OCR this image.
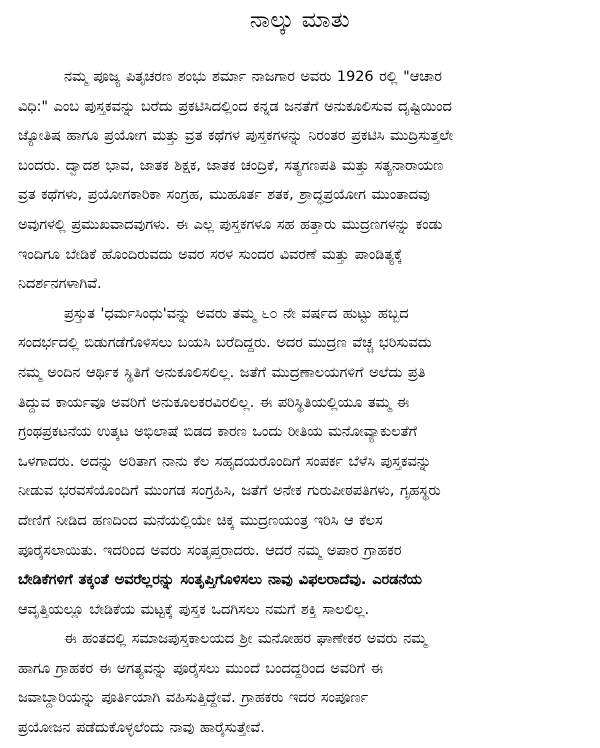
ನಾಲ್ಕು ಮಾತು
ನಮ್ಮ ಪೂಜ್ಯ ಪಿತೃಚರಣ ಶಂಭು ಶರ್ಮಾ ನಾಜಗಾರ ಅವರು 1926 ರಲ್ಲಿ "ಆಚಾರ
ವಿಧಿ:" ಎಂಬ ಪುಸ್ತಕವನ್ನು ಬರೆದು ಪ್ರಕಟಿಸಿದಲ್ಲಿಂದ ಕನ್ನಡ ಜನತೆಗೆ ಅನುಕೂಲಿಸುವ ದೃಷ್ಟಿಯಿಂದ
ಜ್ಯೋತಿಷ ಹಾಗೂ ಪ್ರಯೋಗ ಮತ್ತು ವ್ರತ ಕಥೆಗಳ ಪುಸ್ತಕಗಳನ್ನು ನಿರಂತರ ಪ್ರಕಟಿಸಿ ಮುದ್ರಿಸುತ್ತಲೇ
ಬಂದರು. ದ್ವಾದಶ ಭಾವ, ಜಾತಕ ಶಿಕ್ಷಕ, ಜಾತಕ ಚಂದ್ರಿಕೆ, ಸತ್ಯಗಣಪತಿ ಮತ್ತು ಸತ್ಯನಾರಾಯಣ
ವ್ರತ ಕಥೆಗಳು, ಪ್ರಯೋಗಕಾರಿಕಾ ಸಂಗ್ರಹ, ಮುಹೂರ್ತ ಶತಕ, ಶ್ರಾದ್ಧಪ್ರಯೋಗ ಮುಂತಾದವು
ಅವುಗಳಲ್ಲಿ ಪ್ರಮುಖವಾದವುಗಳು. ಈ ಎಲ್ಲ ಪುಸ್ತಕಗಳೂ ಸಹ ಹತ್ತಾರು ಮುದ್ರಣಗಳನ್ನು ಕಂಡು
ಇಂದಿಗೂ ಬೇಡಿಕೆ ಹೊಂದಿರುವದು ಅವರ ಸರಳ ಸುಂದರ ವಿವರಣೆ ಮತ್ತು ಪಾಂಡಿತ್ಯಕ್ಕೆ
ನಿದರ್ಶನಗಳಾಗಿವೆ.
ಪ್ರಸ್ತುತ 'ಧರ್ಮಸಿಂಧು'ವನ್ನು ಅವರು ತಮ್ಮ ೬೦ ನೇ ವರ್ಷದ ಹುಟ್ಟು ಹಬ್ಬದ
ಸಂದರ್ಭದಲ್ಲಿ ಬಿಡುಗಡೆಗೊಳಿಸಲು ಬಯಸಿ ಬರೆದಿದ್ದರು. ಅದರ ಮುದ್ರಣ ವೆಚ್ಚ ಭರಿಸುವದು
ನಮ್ಮ ಅಂದಿನ ಆರ್ಥಿಕ ಸ್ಥಿತಿಗೆ ಅನುಕೂಲಿಸಲಿಲ್ಲ. ಜತೆಗೆ ಮುದ್ರಣಾಲಯಗಳಿಗೆ ಅಲೆದು ಪ್ರತಿ
ತಿದ್ದುವ ಕಾರ್ಯವೂ ಅವರಿಗೆ ಅನುಕೂಲಕರವಿರಲಿಲ್ಲ. ಈ ಪರಿಸ್ಥಿತಿಯಲ್ಲಿಯೂ ತಮ್ಮ ಈ
ಗ್ರಂಥಪ್ರಕಟನೆಯ ಉತ್ಕಟ ಅಭಿಲಾಷೆ ಬಿಡದ ಕಾರಣ ಒಂದು ರೀತಿಯ ಮನೋವ್ಯಾಕುಲತೆಗೆ
ಒಳಗಾದರು. ಅದನ್ನು ಅರಿತಾಗ ನಾನು ಕೆಲ ಸಹೃದಯರೊಂದಿಗೆ ಸಂಪರ್ಕ ಬೆಳೆಸಿ ಪುಸ್ತಕವನ್ನು
ನೀಡುವ ಭರವಸೆಯೊಂದಿಗೆ ಮುಂಗಡ ಸಂಗ್ರಹಿಸಿ, ಜತೆಗೆ ಅನೇಕ ಗುರುಪೀಠಪತಿಗಳು, ಗೃಹಸ್ಥರು
ದೇಣಿಗೆ ನೀಡಿದ ಹಣದಿಂದ ಮನೆಯಲ್ಲಿಯೇ ಚಿಕ್ಕ ಮುದ್ರಣಯಂತ್ರ ಇರಿಸಿ ಆ ಕೆಲಸ
ಪೂರೈಸಲಾಯಿತು. ಇದರಿಂದ ಅವರು ಸಂತೃಪ್ತರಾದರು. ಆದರೆ ನಮ್ಮ ಅಪಾರ ಗ್ರಾಹಕರ
ಬೇಡಿಕೆಗಳಿಗೆ ತಕ್ಕಂತೆ ಅವರೆಲ್ಲರನ್ನು ಸಂತೃಪ್ತಿಗೊಳಿಸಲು ನಾವು ವಿಫಲರಾದೆವು. ಎರಡನೆಯ
ಆವೃತ್ತಿಯಲ್ಲೂ ಬೇಡಿಕೆಯ ಮಟ್ಟಕ್ಕೆ ಪುಸ್ತಕ ಒದಗಿಸಲು ನಮಗೆ ಶಕ್ತಿ ಸಾಲಲಿಲ್ಲ.
ಈ ಹಂತದಲ್ಲಿ ಸಮಾಜಪುಸ್ತಕಾಲಯದ ಶ್ರೀ ಮನೋಹರ ಘಾಣೇಕರ ಅವರು ನಮ್ಮ
ಹಾಗೂ ಗ್ರಾಹಕರ ಈ ಅಗತ್ಯವನ್ನು ಪೂರೈಸಲು ಮುಂದೆ ಬಂದದ್ದರಿಂದ ಅವರಿಗೆ ಈ
ಜವಾಬ್ದಾರಿಯನ್ನು ಪೂರ್ತಿಯಾಗಿ ವಹಿಸುತ್ತಿದ್ದೇವೆ. ಗ್ರಾಹಕರು ಇದರ ಸಂಪೂರ್ಣ
ಪ್ರಯೋಜನ ಪಡೆದುಕೊಳ್ಳಲೆಂದು ನಾವು ಹಾರೈಸುತ್ತೇವೆ.
